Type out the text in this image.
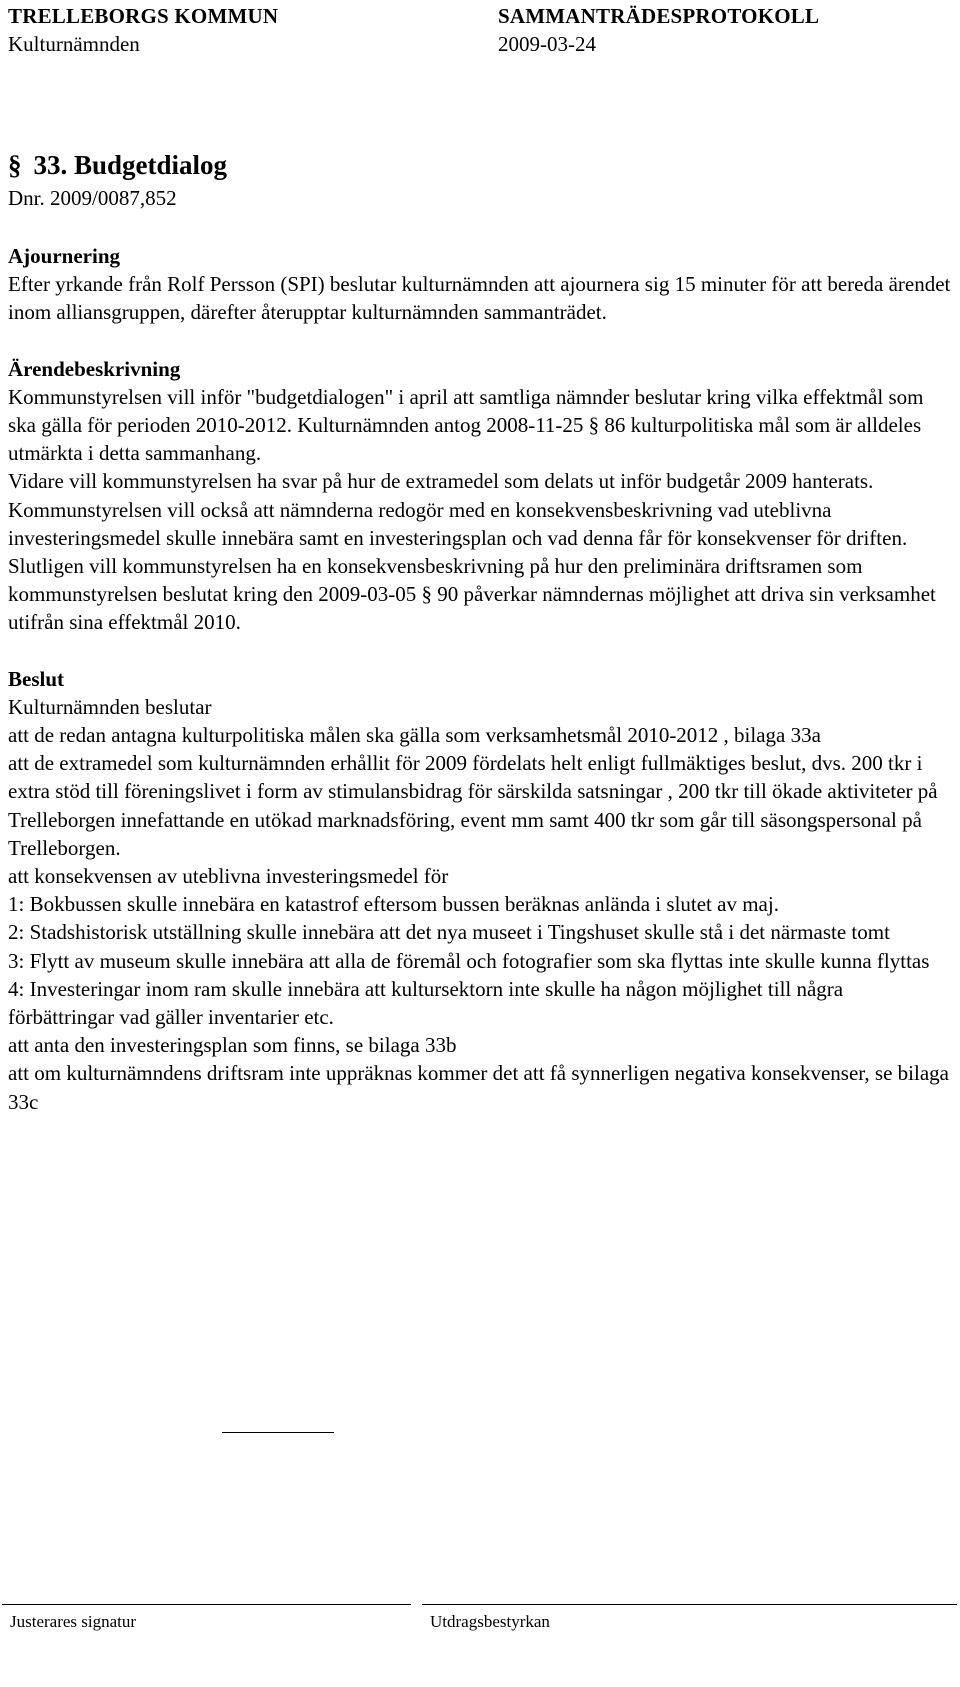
TRELLEBORGS KOMMUN	SAMMANTRÄDESPROTOKOLL
Kulturnämnden	2009-03-24
§ 33. Budgetdialog
Dnr. 2009/0087,852
Ajournering

Efter yrkande från Rolf Persson (SPI) beslutar kulturnämnden att ajournera sig 15 minuter för att bereda ärendet inom alliansgruppen, därefter återupptar kulturnämnden sammanträdet.

Ärendebeskrivning

Kommunstyrelsen vill inför "budgetdialogen" i april att samtliga nämnder beslutar kring vilka effektmål som ska gälla för perioden 2010-2012. Kulturnämnden antog 2008-11-25 § 86 kulturpolitiska mål som är alldeles utmärkta i detta sammanhang.

Vidare vill kommunstyrelsen ha svar på hur de extramedel som delats ut inför budgetår 2009 hanterats.

Kommunstyrelsen vill också att nämnderna redogör med en konsekvensbeskrivning vad uteblivna investeringsmedel skulle innebära samt en investeringsplan och vad denna får för konsekvenser för driften.

Slutligen vill kommunstyrelsen ha en konsekvensbeskrivning på hur den preliminära driftsramen som kommunstyrelsen beslutat kring den 2009-03-05 § 90 påverkar nämndernas möjlighet att driva sin verksamhet utifrån sina effektmål 2010.

Beslut

Kulturnämnden beslutar

att de redan antagna kulturpolitiska målen ska gälla som verksamhetsmål 2010-2012 , bilaga 33a

att de extramedel som kulturnämnden erhållit för 2009 fördelats helt enligt fullmäktiges beslut, dvs. 200 tkr i extra stöd till föreningslivet i form av stimulansbidrag för särskilda satsningar , 200 tkr till ökade aktiviteter på Trelleborgen innefattande en utökad marknadsföring, event mm samt 400 tkr som går till säsongspersonal på Trelleborgen.

att konsekvensen av uteblivna investeringsmedel för

1: Bokbussen skulle innebära en katastrof eftersom bussen beräknas anlända i slutet av maj.

2: Stadshistorisk utställning skulle innebära att det nya museet i Tingshuset skulle stå i det närmaste tomt

3: Flytt av museum skulle innebära att alla de föremål och fotografier som ska flyttas inte skulle kunna flyttas

4: Investeringar inom ram skulle innebära att kultursektorn inte skulle ha någon möjlighet till några förbättringar vad gäller inventarier etc.

att anta den investeringsplan som finns, se bilaga 33b

att om kulturnämndens driftsram inte uppräknas kommer det att få synnerligen negativa konsekvenser, se bilaga 33c

Justerares signatur	Utdragsbestyrkan
